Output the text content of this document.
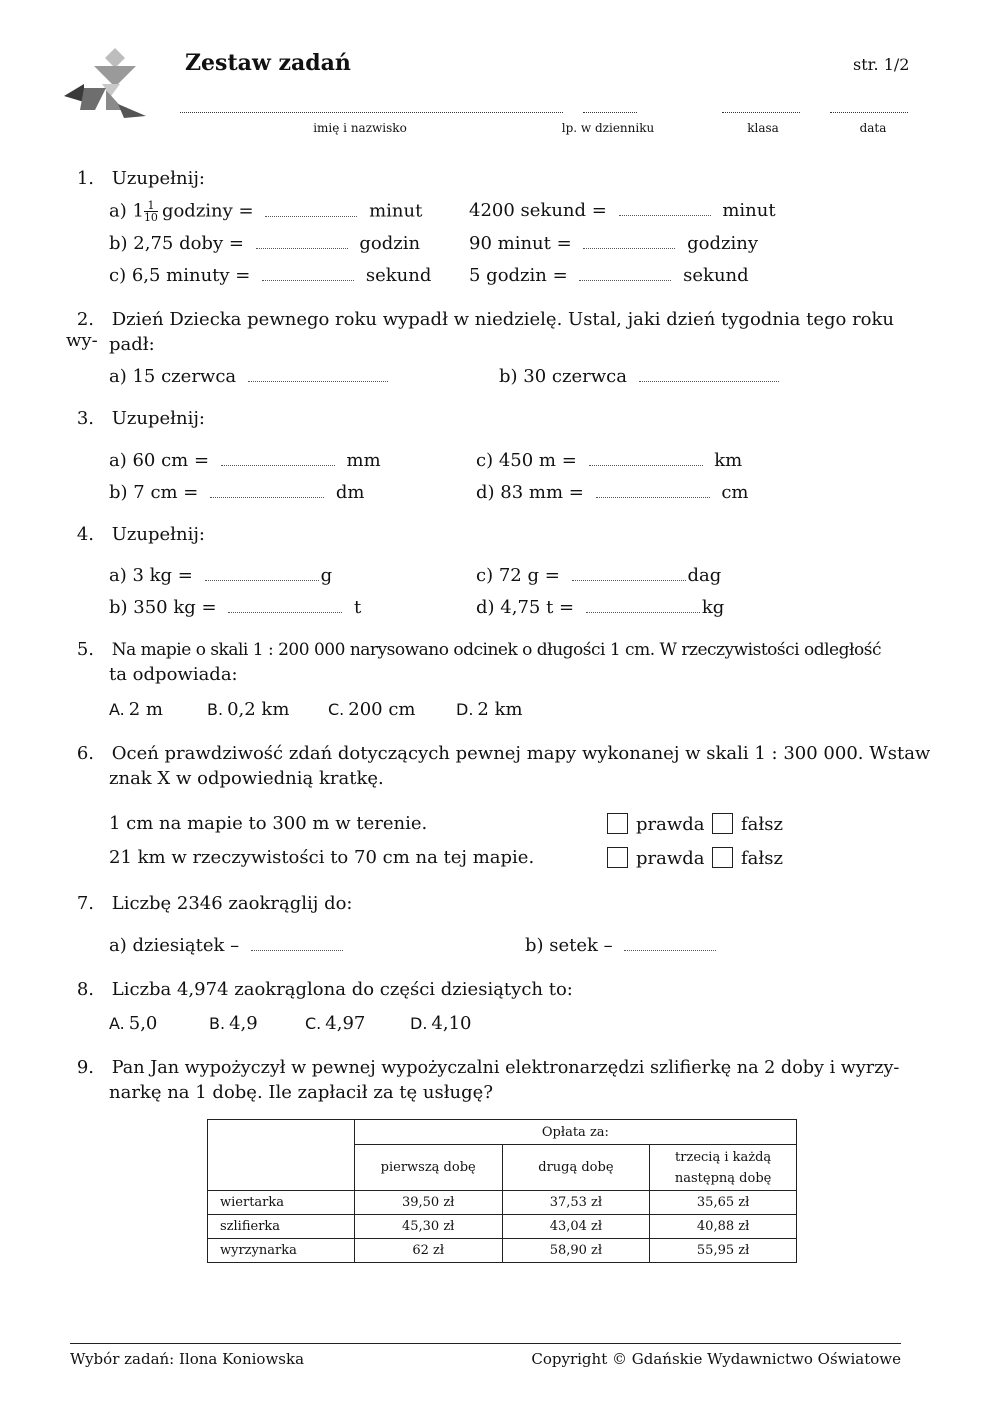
Zestaw zadań	str. 1/2
imię i nazwisko	lp. w dzienniku	klasa	data
1. Uzupełnij:
a) $1 \frac{1}{10}$ godziny =	minut	4200 sekund =	minut
b) 2,75 doby =	godzin	90 minut =	godziny
c) 6,5 minuty =	sekund 5 godzin =	sekund
2. Dzień Dziecka pewnego roku wypadł w niedzielę. Ustal, jaki dzień tygodnia tego roku wy- padł:
a) 15 czerwca	b) 30 czerwca
3. Uzupełnij:
a) 60 cm =	mm	c) 450 m =	km
b) 7 cm =	dm	d) 83 mm =	cm
4. Uzupełnij:
a) 3 kg =	g	c) 72 g =	dag
b) 350 kg =	t	d) 4,75 t =	kg
5. Na mapie o skali 1 : 200 000 narysowano odcinek o długości 1 cm. W rzeczywistości odległość
ta odpowiada:
A. 2 m	B. 0,2 km C. 200 cm	D. 2 km
6. Oceń prawdziwość zdań dotyczących pewnej mapy wykonanej w skali 1 : 300 000. Wstaw
znak X w odpowiednią kratkę.
1 cm na mapie to 300 m w terenie.	prawda	fałsz
21 km w rzeczywistości to 70 cm na tej mapie.	prawda	fałsz
7. Liczbę 2346 zaokrąglij do:
a) dziesiątek –	b) setek –
8. Liczba 4,974 zaokrąglona do części dziesiątych to:
A. 5,0	B. 4,9	C. 4,97	D. 4,10
9. Pan Jan wypożyczył w pewnej wypożyczalni elektronarzędzi szlifierkę na 2 doby i wyrzy-
narkę na 1 dobę. Ile zapłacił za tę usługę?
	Opłata za:		
	pierwszą dobę	drugą dobę	trzecią i każdą
następną dobę
wiertarka	39,50 zł	37,53 zł	35,65 zł
szlifierka	45,30 zł	43,04 zł	40,88 zł
wyrzynarka	62 zł	58,90 zł	55,95 zł
Wybór zadań: Ilona Koniowska	Copyright © Gdańskie Wydawnictwo Oświatowe
